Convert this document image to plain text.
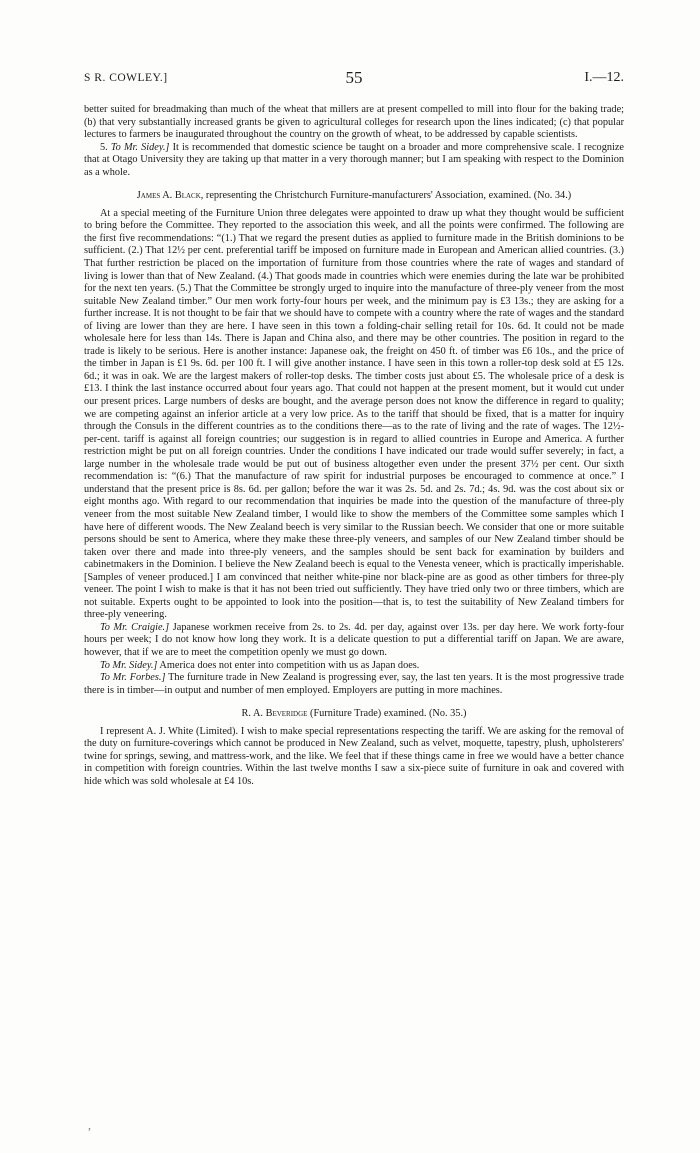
S R. COWLEY.]	55	I.—12.

better suited for breadmaking than much of the wheat that millers are at present compelled to mill into flour for the baking trade; (b) that very substantially increased grants be given to agricultural colleges for research upon the lines indicated; (c) that popular lectures to farmers be inaugurated throughout the country on the growth of wheat, to be addressed by capable scientists.

5. To Mr. Sidey.] It is recommended that domestic science be taught on a broader and more comprehensive scale. I recognize that at Otago University they are taking up that matter in a very thorough manner; but I am speaking with respect to the Dominion as a whole.

James A. Black, representing the Christchurch Furniture-manufacturers' Association, examined. (No. 34.)

At a special meeting of the Furniture Union three delegates were appointed to draw up what they thought would be sufficient to bring before the Committee. They reported to the association this week, and all the points were confirmed. The following are the first five recommendations: “(1.) That we regard the present duties as applied to furniture made in the British dominions to be sufficient. (2.) That 12½ per cent. preferential tariff be imposed on furniture made in European and American allied countries. (3.) That further restriction be placed on the importation of furniture from those countries where the rate of wages and standard of living is lower than that of New Zealand. (4.) That goods made in countries which were enemies during the late war be prohibited for the next ten years. (5.) That the Committee be strongly urged to inquire into the manufacture of three-ply veneer from the most suitable New Zealand timber.” Our men work forty-four hours per week, and the minimum pay is £3 13s.; they are asking for a further increase. It is not thought to be fair that we should have to compete with a country where the rate of wages and the standard of living are lower than they are here. I have seen in this town a folding-chair selling retail for 10s. 6d. It could not be made wholesale here for less than 14s. There is Japan and China also, and there may be other countries. The position in regard to the trade is likely to be serious. Here is another instance: Japanese oak, the freight on 450 ft. of timber was £6 10s., and the price of the timber in Japan is £1 9s. 6d. per 100 ft. I will give another instance. I have seen in this town a roller-top desk sold at £5 12s. 6d.; it was in oak. We are the largest makers of roller-top desks. The timber costs just about £5. The wholesale price of a desk is £13. I think the last instance occurred about four years ago. That could not happen at the present moment, but it would cut under our present prices. Large numbers of desks are bought, and the average person does not know the difference in regard to quality; we are competing against an inferior article at a very low price. As to the tariff that should be fixed, that is a matter for inquiry through the Consuls in the different countries as to the conditions there—as to the rate of living and the rate of wages. The 12½-per-cent. tariff is against all foreign countries; our suggestion is in regard to allied countries in Europe and America. A further restriction might be put on all foreign countries. Under the conditions I have indicated our trade would suffer severely; in fact, a large number in the wholesale trade would be put out of business altogether even under the present 37½ per cent. Our sixth recommendation is: “(6.) That the manufacture of raw spirit for industrial purposes be encouraged to commence at once.” I understand that the present price is 8s. 6d. per gallon; before the war it was 2s. 5d. and 2s. 7d.; 4s. 9d. was the cost about six or eight months ago. With regard to our recommendation that inquiries be made into the question of the manufacture of three-ply veneer from the most suitable New Zealand timber, I would like to show the members of the Committee some samples which I have here of different woods. The New Zealand beech is very similar to the Russian beech. We consider that one or more suitable persons should be sent to America, where they make these three-ply veneers, and samples of our New Zealand timber should be taken over there and made into three-ply veneers, and the samples should be sent back for examination by builders and cabinetmakers in the Dominion. I believe the New Zealand beech is equal to the Venesta veneer, which is practically imperishable. [Samples of veneer produced.] I am convinced that neither white-pine nor black-pine are as good as other timbers for three-ply veneer. The point I wish to make is that it has not been tried out sufficiently. They have tried only two or three timbers, which are not suitable. Experts ought to be appointed to look into the position—that is, to test the suitability of New Zealand timbers for three-ply veneering.

To Mr. Craigie.] Japanese workmen receive from 2s. to 2s. 4d. per day, against over 13s. per day here. We work forty-four hours per week; I do not know how long they work. It is a delicate question to put a differential tariff on Japan. We are aware, however, that if we are to meet the competition openly we must go down.

To Mr. Sidey.] America does not enter into competition with us as Japan does.

To Mr. Forbes.] The furniture trade in New Zealand is progressing ever, say, the last ten years. It is the most progressive trade there is in timber—in output and number of men employed. Employers are putting in more machines.

R. A. Beveridge (Furniture Trade) examined. (No. 35.)

I represent A. J. White (Limited). I wish to make special representations respecting the tariff. We are asking for the removal of the duty on furniture-coverings which cannot be produced in New Zealand, such as velvet, moquette, tapestry, plush, upholsterers' twine for springs, sewing, and mattress-work, and the like. We feel that if these things came in free we would have a better chance in competition with foreign countries. Within the last twelve months I saw a six-piece suite of furniture in oak and covered with hide which was sold wholesale at £4 10s.

,
